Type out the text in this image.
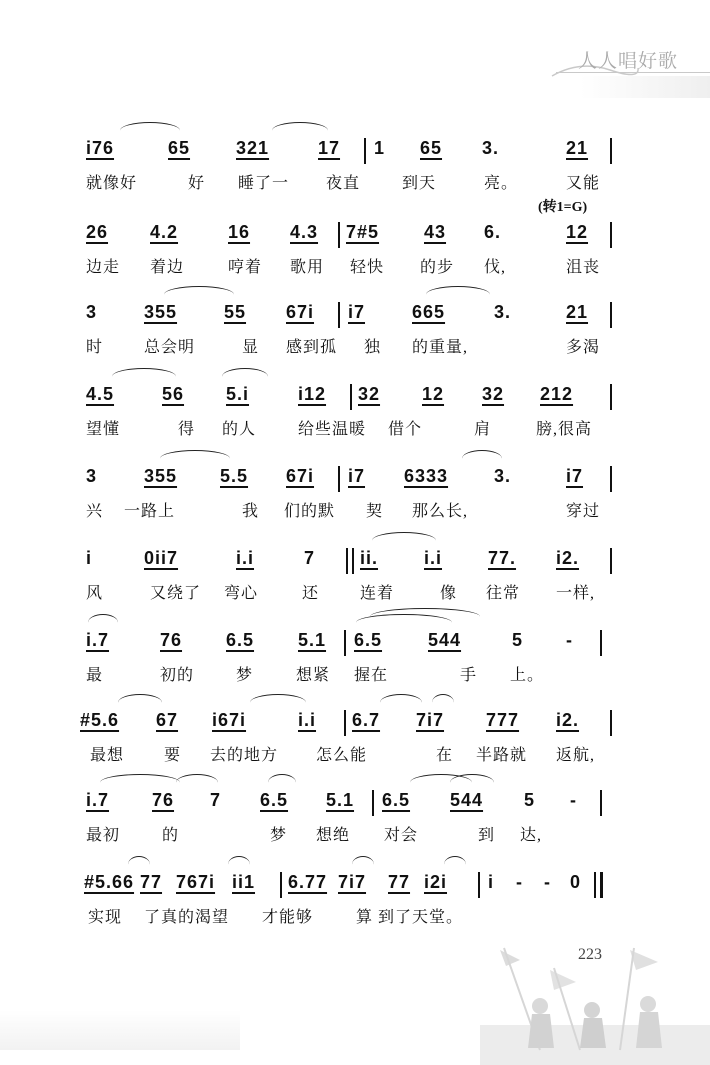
人人唱好歌
i76	65	321	17 1 65 3.	21
就像好	好 睡了一 夜直	到天	亮。	又能
(转1=G)
26 4.2	16 4.3 7#5 43 6.	12
边走 着边	哼着 歌用 轻快 的步 伐,	沮丧
3	355	55 67i i7	665	3.	21
时	总会明	显 感到孤 独 的重量,	多渴
4.5	56 5.i	i12 32 12 32 212
望懂	得 的人	给些温暖 借个	肩	膀,很高
3	355 5.5 67i i7 6333	3.	i7
兴 一路上	我 们的默 契 那么长,	穿过
i	0ii7	i.i	7 ii.	i.i	77. i2.
风	又绕了 弯心	还	连着	像 往常 一样,
i.7	76 6.5 5.1 6.5	544	5 -
最	初的	梦	想紧 握在	手 上。
#5.6 67 i67i	i.i 6.7 7i7 777 i2.
最想 要 去的地方 怎么能	在 半路就 返航,
i.7 76 7 6.5 5.1 6.5 544 5 -
最初	的	梦 想绝 对会	到 达,
#5.66 77 767i ii1 6.77 7i7 77 i2i i - - 0
实现 了真的渴望 才能够	算 到了天堂。
223
